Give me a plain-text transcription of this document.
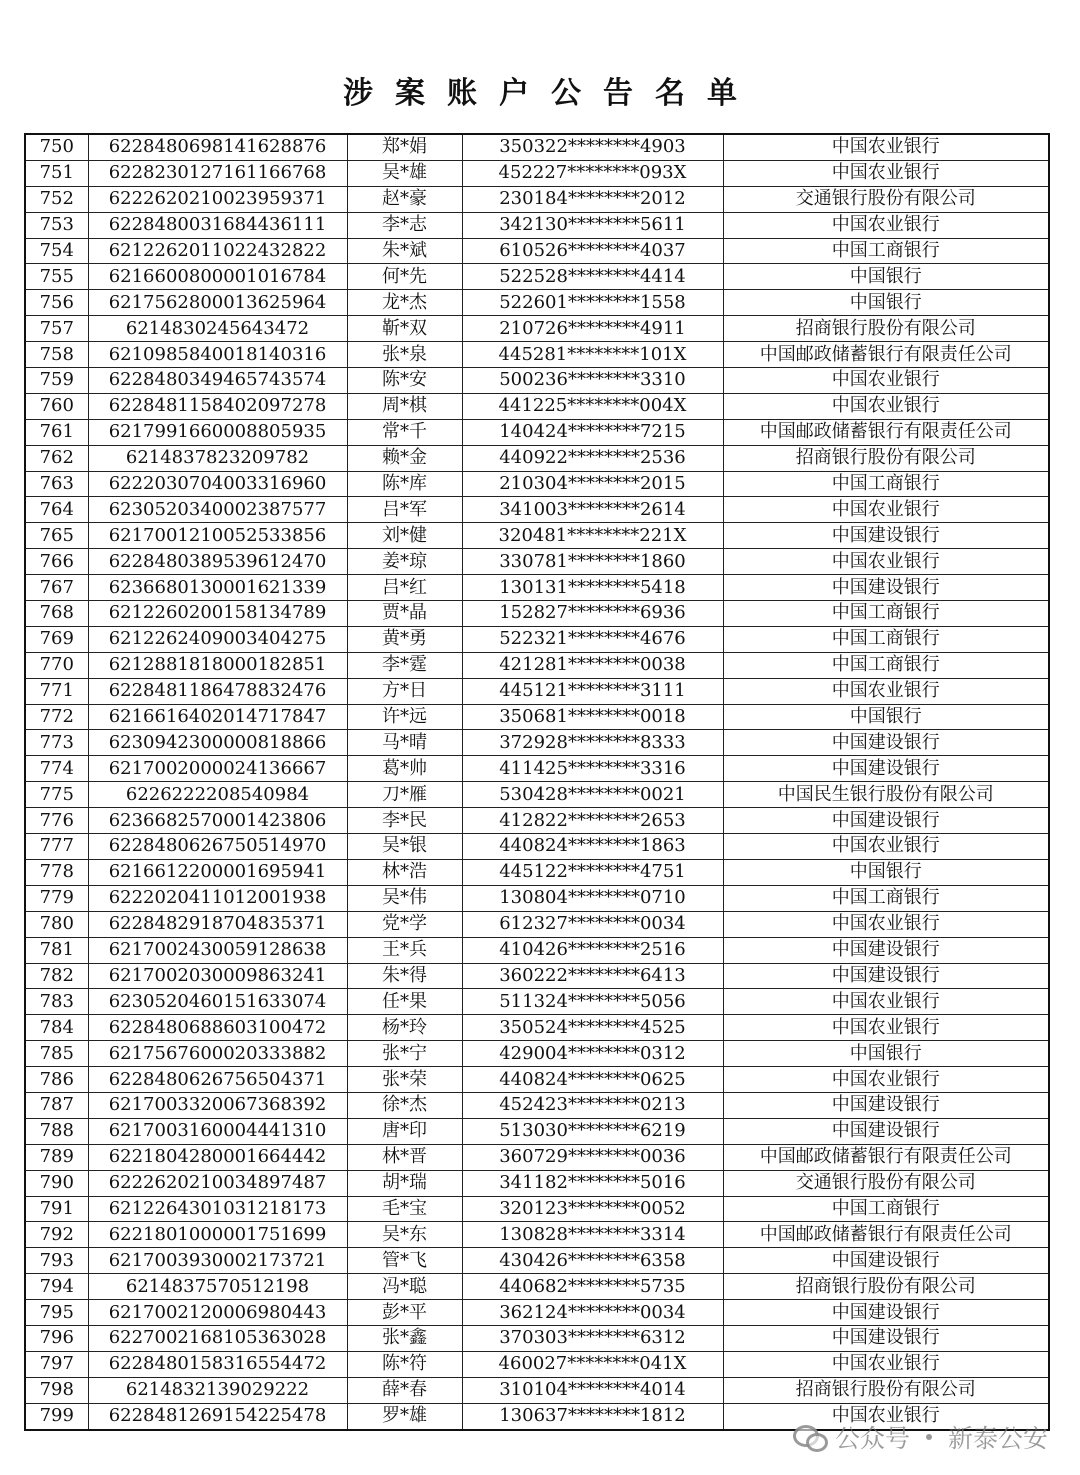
涉案账户公告名单
750	6228480698141628876	郑*娟	350322********4903	中国农业银行
751	6228230127161166768	吴*雄	452227********093X	中国农业银行
752	6222620210023959371	赵*豪	230184********2012	交通银行股份有限公司
753	6228480031684436111	李*志	342130********5611	中国农业银行
754	6212262011022432822	朱*斌	610526********4037	中国工商银行
755	6216600800001016784	何*先	522528********4414	中国银行
756	6217562800013625964	龙*杰	522601********1558	中国银行
757	6214830245643472	靳*双	210726********4911	招商银行股份有限公司
758	6210985840018140316	张*泉	445281********101X	中国邮政储蓄银行有限责任公司
759	6228480349465743574	陈*安	500236********3310	中国农业银行
760	6228481158402097278	周*棋	441225********004X	中国农业银行
761	6217991660008805935	常*千	140424********7215	中国邮政储蓄银行有限责任公司
762	6214837823209782	赖*金	440922********2536	招商银行股份有限公司
763	6222030704003316960	陈*库	210304********2015	中国工商银行
764	6230520340002387577	吕*军	341003********2614	中国农业银行
765	6217001210052533856	刘*健	320481********221X	中国建设银行
766	6228480389539612470	姜*琼	330781********1860	中国农业银行
767	6236680130001621339	吕*红	130131********5418	中国建设银行
768	6212260200158134789	贾*晶	152827********6936	中国工商银行
769	6212262409003404275	黄*勇	522321********4676	中国工商银行
770	6212881818000182851	李*霆	421281********0038	中国工商银行
771	6228481186478832476	方*日	445121********3111	中国农业银行
772	6216616402014717847	许*远	350681********0018	中国银行
773	6230942300000818866	马*晴	372928********8333	中国建设银行
774	6217002000024136667	葛*帅	411425********3316	中国建设银行
775	6226222208540984	刀*雁	530428********0021	中国民生银行股份有限公司
776	6236682570001423806	李*民	412822********2653	中国建设银行
777	6228480626750514970	吴*银	440824********1863	中国农业银行
778	6216612200001695941	林*浩	445122********4751	中国银行
779	6222020411012001938	吴*伟	130804********0710	中国工商银行
780	6228482918704835371	党*学	612327********0034	中国农业银行
781	6217002430059128638	王*兵	410426********2516	中国建设银行
782	6217002030009863241	朱*得	360222********6413	中国建设银行
783	6230520460151633074	任*果	511324********5056	中国农业银行
784	6228480688603100472	杨*玲	350524********4525	中国农业银行
785	6217567600020333882	张*宁	429004********0312	中国银行
786	6228480626756504371	张*荣	440824********0625	中国农业银行
787	6217003320067368392	徐*杰	452423********0213	中国建设银行
788	6217003160004441310	唐*印	513030********6219	中国建设银行
789	6221804280001664442	林*晋	360729********0036	中国邮政储蓄银行有限责任公司
790	6222620210034897487	胡*瑞	341182********5016	交通银行股份有限公司
791	6212264301031218173	毛*宝	320123********0052	中国工商银行
792	6221801000001751699	吴*东	130828********3314	中国邮政储蓄银行有限责任公司
793	6217003930002173721	管*飞	430426********6358	中国建设银行
794	6214837570512198	冯*聪	440682********5735	招商银行股份有限公司
795	6217002120006980443	彭*平	362124********0034	中国建设银行
796	6227002168105363028	张*鑫	370303********6312	中国建设银行
797	6228480158316554472	陈*符	460027********041X	中国农业银行
798	6214832139029222	薛*春	310104********4014	招商银行股份有限公司
799	6228481269154225478	罗*雄	130637********1812	中国农业银行
公众号 新泰公安
